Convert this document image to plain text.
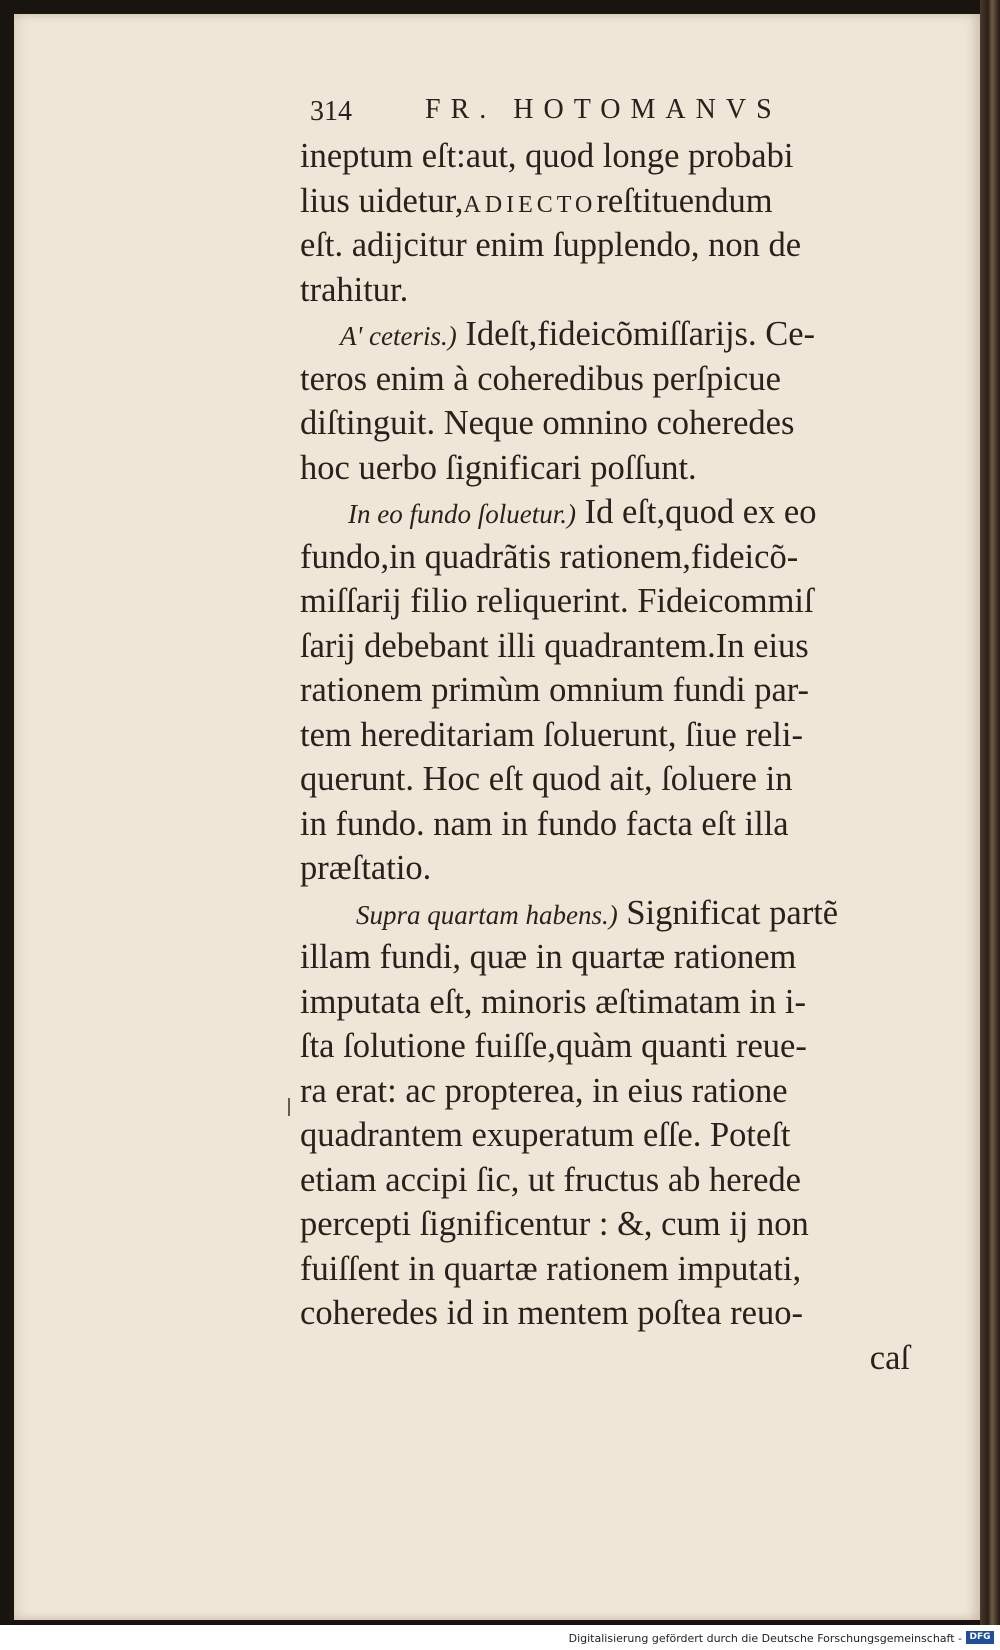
314	FR. HOTOMANVS
ineptum eſt:aut, quod longe probabi
lius uidetur,ADIECTOreſtituendum
eſt. adijcitur enim ſupplendo, non de
trahitur.
A' ceteris.) Ideſt,fideicõmiſſarijs. Ce-
teros enim à coheredibus perſpicue
diſtinguit. Neque omnino coheredes
hoc uerbo ſignificari poſſunt.
In eo fundo ſoluetur.) Id eſt,quod ex eo
fundo,in quadrãtis rationem,fideicõ-
miſſarij filio reliquerint. Fideicommiſ
ſarij debebant illi quadrantem.In eius
rationem primùm omnium fundi par-
tem hereditariam ſoluerunt, ſiue reli-
querunt. Hoc eſt quod ait, ſoluere in
in fundo. nam in fundo facta eſt illa
præſtatio.
Supra quartam habens.) Significat partẽ
illam fundi, quæ in quartæ rationem
imputata eſt, minoris æſtimatam in i-
ſta ſolutione fuiſſe,quàm quanti reue-
ra erat: ac propterea, in eius ratione
quadrantem exuperatum eſſe. Poteſt
etiam accipi ſic, ut fructus ab herede
percepti ſignificentur : &, cum ij non
fuiſſent in quartæ rationem imputati,
coheredes id in mentem poſtea reuo-
caſ
Digitalisierung gefördert durch die Deutsche Forschungsgemeinschaft - DFG
